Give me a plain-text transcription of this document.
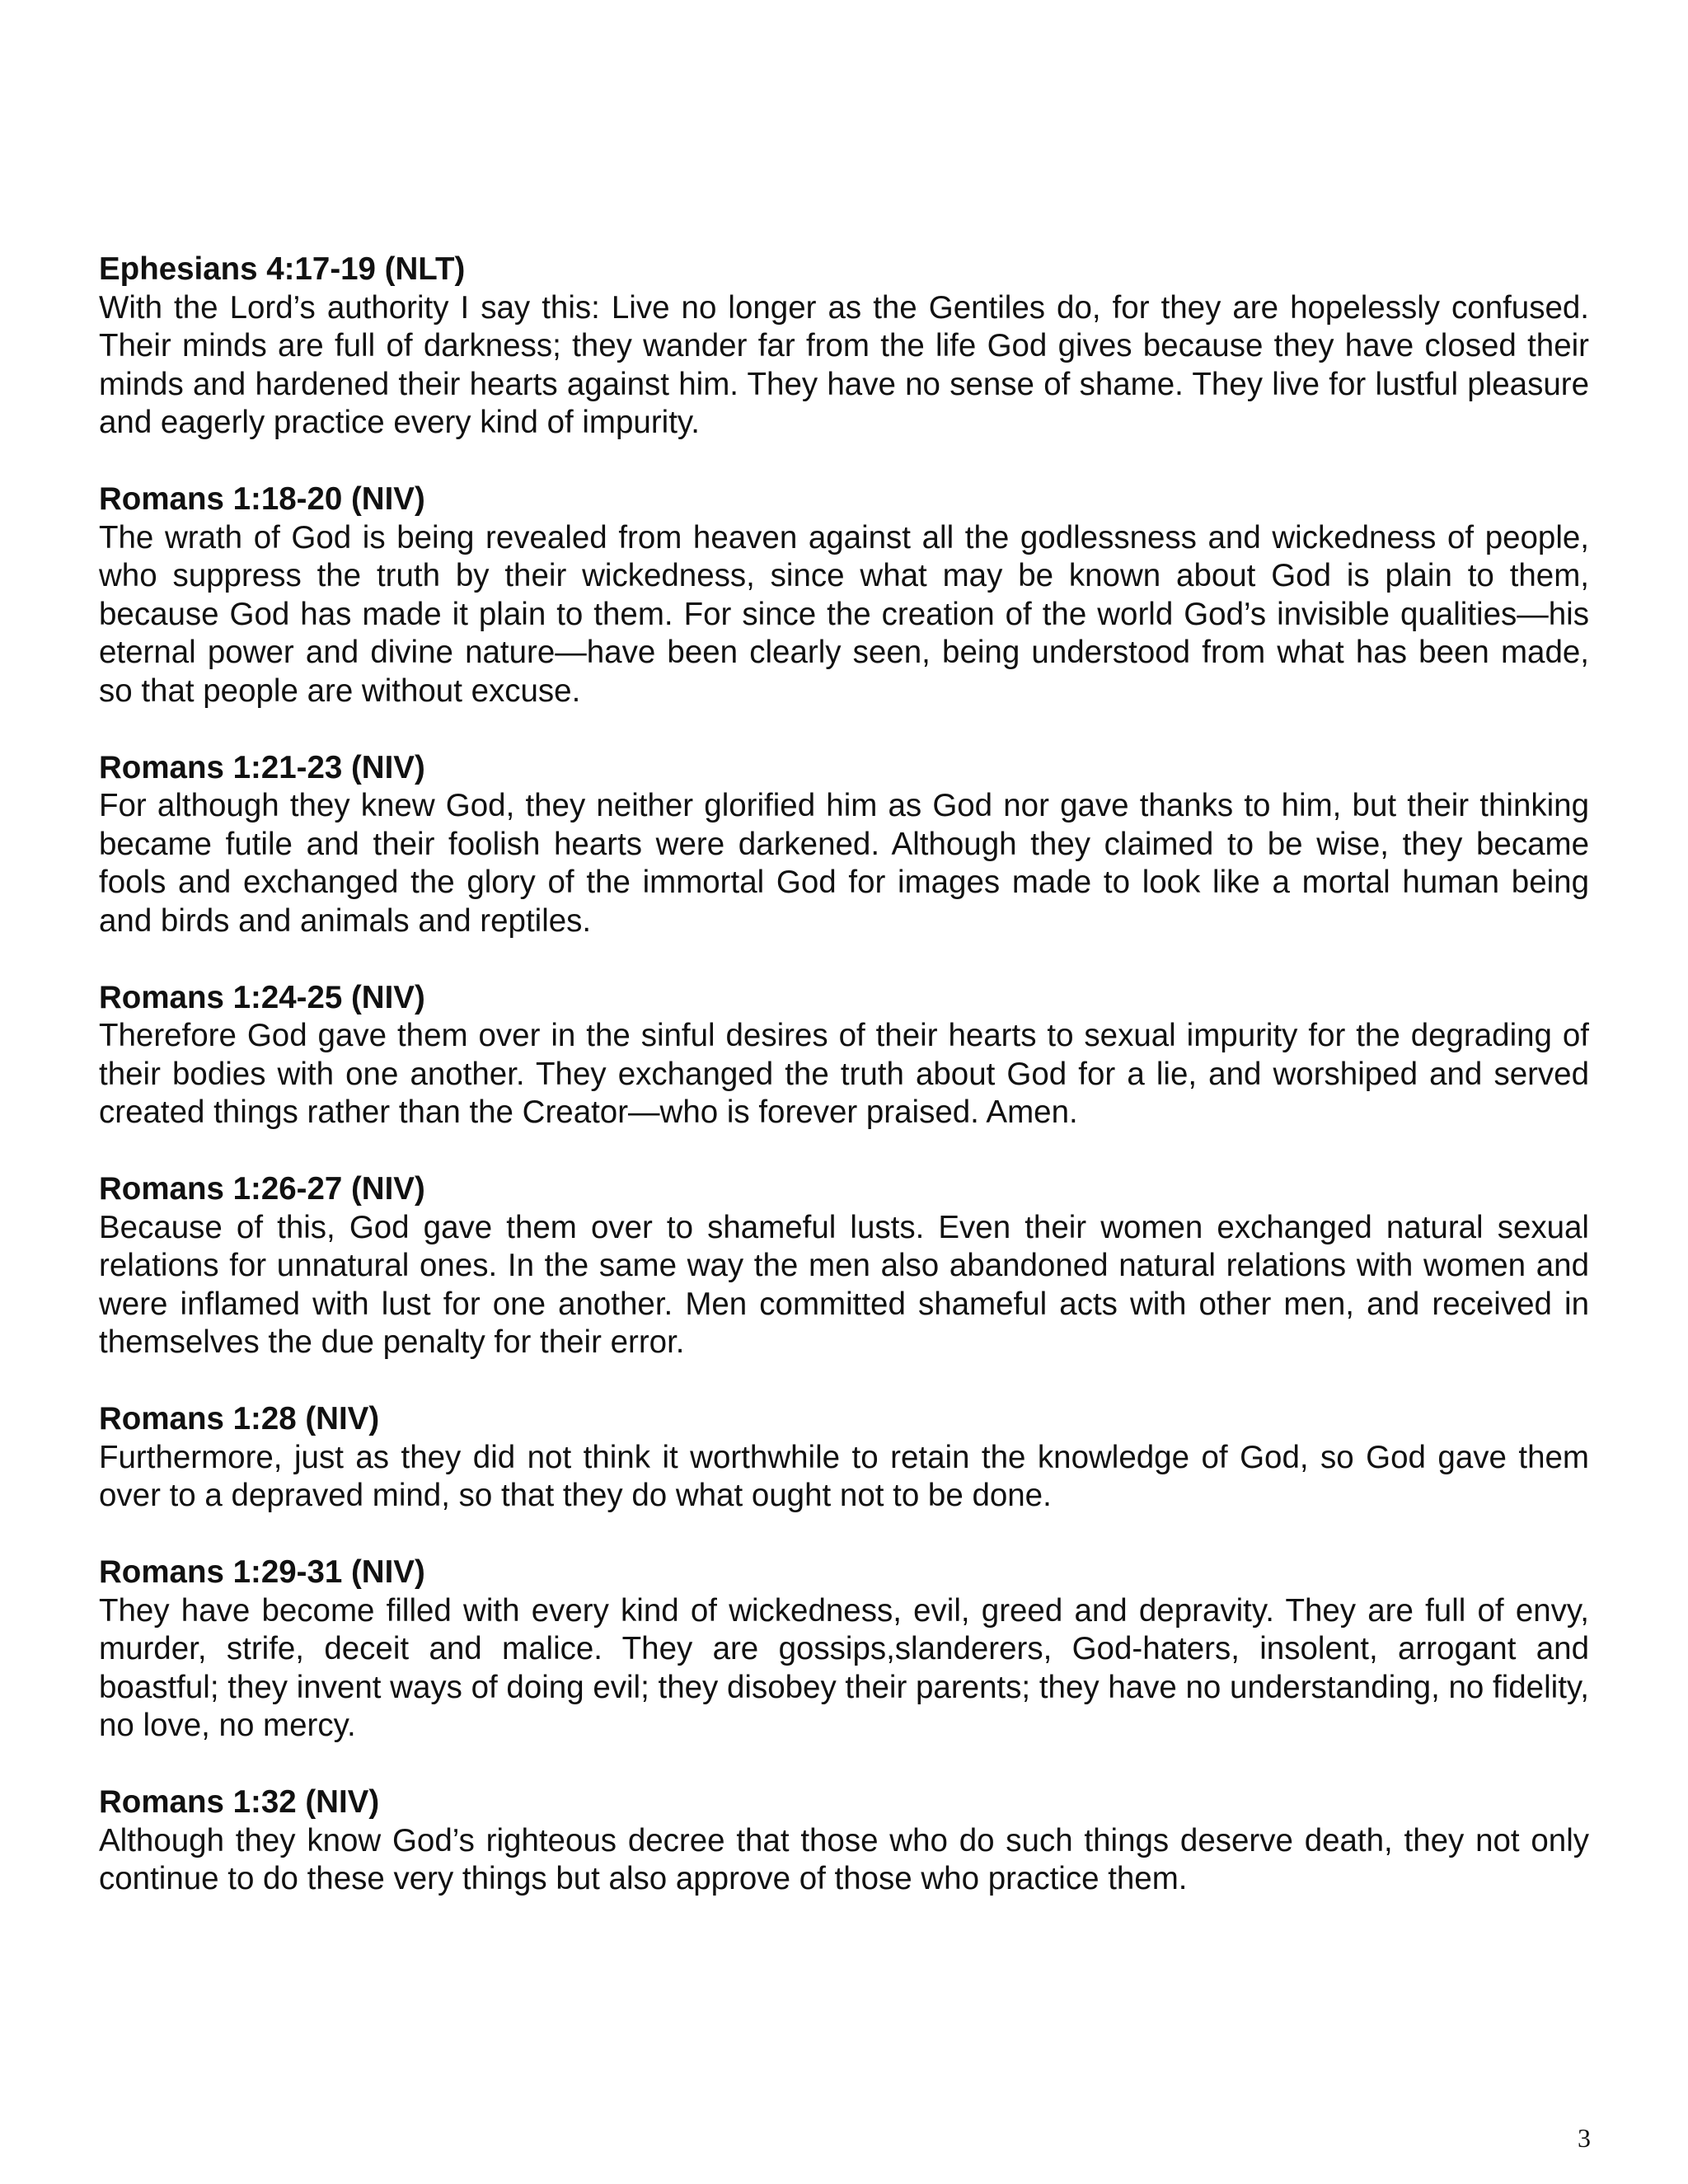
Ephesians 4:17-19 (NLT)
With the Lord’s authority I say this: Live no longer as the Gentiles do, for they are hopelessly confused. Their minds are full of darkness; they wander far from the life God gives because they have closed their minds and hardened their hearts against him. They have no sense of shame. They live for lustful pleasure and eagerly practice every kind of impurity.
Romans 1:18-20 (NIV)
The wrath of God is being revealed from heaven against all the godlessness and wickedness of people, who suppress the truth by their wickedness, since what may be known about God is plain to them, because God has made it plain to them. For since the creation of the world God’s invisible qualities—his eternal power and divine nature—have been clearly seen, being understood from what has been made, so that people are without excuse.
Romans 1:21-23 (NIV)
For although they knew God, they neither glorified him as God nor gave thanks to him, but their thinking became futile and their foolish hearts were darkened. Although they claimed to be wise, they became fools and exchanged the glory of the immortal God for images made to look like a mortal human being and birds and animals and reptiles.
Romans 1:24-25 (NIV)
Therefore God gave them over in the sinful desires of their hearts to sexual impurity for the degrading of their bodies with one another. They exchanged the truth about God for a lie, and worshiped and served created things rather than the Creator—who is forever praised. Amen.
Romans 1:26-27 (NIV)
Because of this, God gave them over to shameful lusts. Even their women exchanged natural sexual relations for unnatural ones. In the same way the men also abandoned natural relations with women and were inflamed with lust for one another. Men committed shameful acts with other men, and received in themselves the due penalty for their error.
Romans 1:28 (NIV)
Furthermore, just as they did not think it worthwhile to retain the knowledge of God, so God gave them over to a depraved mind, so that they do what ought not to be done.
Romans 1:29-31 (NIV)
They have become filled with every kind of wickedness, evil, greed and depravity. They are full of envy, murder, strife, deceit and malice. They are gossips,slanderers, God-haters, insolent, arrogant and boastful; they invent ways of doing evil; they disobey their parents; they have no understanding, no fidelity, no love, no mercy.
Romans 1:32 (NIV)
Although they know God’s righteous decree that those who do such things deserve death, they not only continue to do these very things but also approve of those who practice them.
3
